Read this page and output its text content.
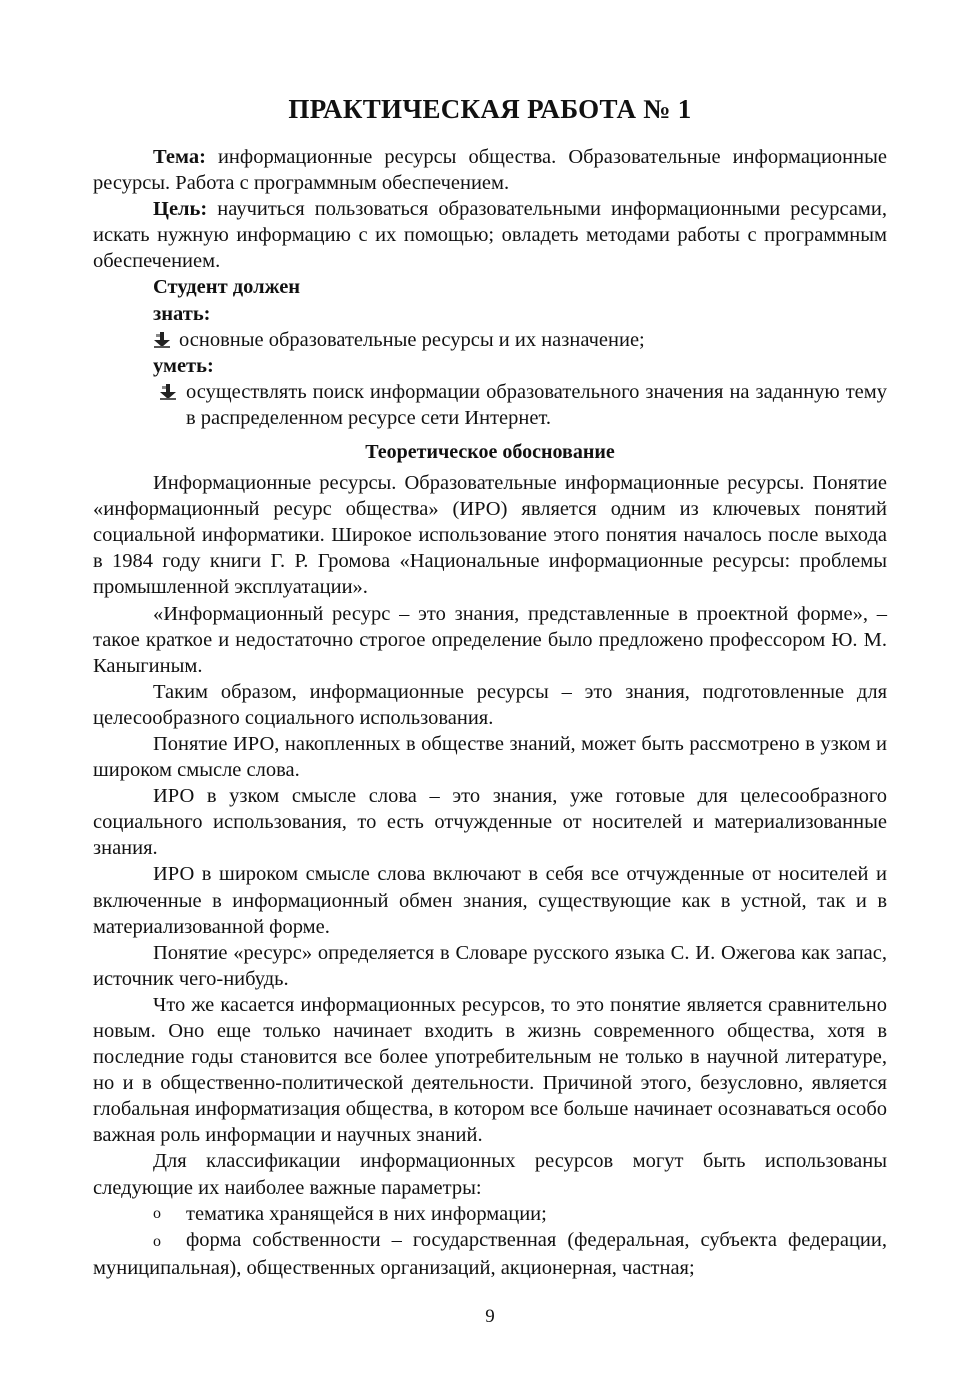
ПРАКТИЧЕСКАЯ РАБОТА № 1

Тема: информационные ресурсы общества. Образовательные информационные ресурсы. Работа с программным обеспечением.

Цель: научиться пользоваться образовательными информационными ресурсами, искать нужную информацию с их помощью; овладеть методами работы с программным обеспечением.

Студент должен

знать:

основные образовательные ресурсы и их назначение;

уметь:

осуществлять поиск информации образовательного значения на заданную тему в распределенном ресурсе сети Интернет.

Теоретическое обоснование

Информационные ресурсы. Образовательные информационные ресурсы. Понятие «информационный ресурс общества» (ИРО) является одним из ключевых понятий социальной информатики. Широкое использование этого понятия началось после выхода в 1984 году книги Г. Р. Громова «Национальные информационные ресурсы: проблемы промышленной эксплуатации».

«Информационный ресурс – это знания, представленные в проектной форме», – такое краткое и недостаточно строгое определение было предложено профессором Ю. М. Каныгиным.

Таким образом, информационные ресурсы – это знания, подготовленные для целесообразного социального использования.

Понятие ИРО, накопленных в обществе знаний, может быть рассмотрено в узком и широком смысле слова.

ИРО в узком смысле слова – это знания, уже готовые для целесообразного социального использования, то есть отчужденные от носителей и материализованные знания.

ИРО в широком смысле слова включают в себя все отчужденные от носителей и включенные в информационный обмен знания, существующие как в устной, так и в материализованной форме.

Понятие «ресурс» определяется в Словаре русского языка С. И. Ожегова как запас, источник чего-нибудь.

Что же касается информационных ресурсов, то это понятие является сравнительно новым. Оно еще только начинает входить в жизнь современного общества, хотя в последние годы становится все более употребительным не только в научной литературе, но и в общественно-политической деятельности. Причиной этого, безусловно, является глобальная информатизация общества, в котором все больше начинает осознаваться особо важная роль информации и научных знаний.

Для классификации информационных ресурсов могут быть использованы следующие их наиболее важные параметры:

o тематика хранящейся в них информации;

o форма собственности – государственная (федеральная, субъекта федерации, муниципальная), общественных организаций, акционерная, частная;

9
